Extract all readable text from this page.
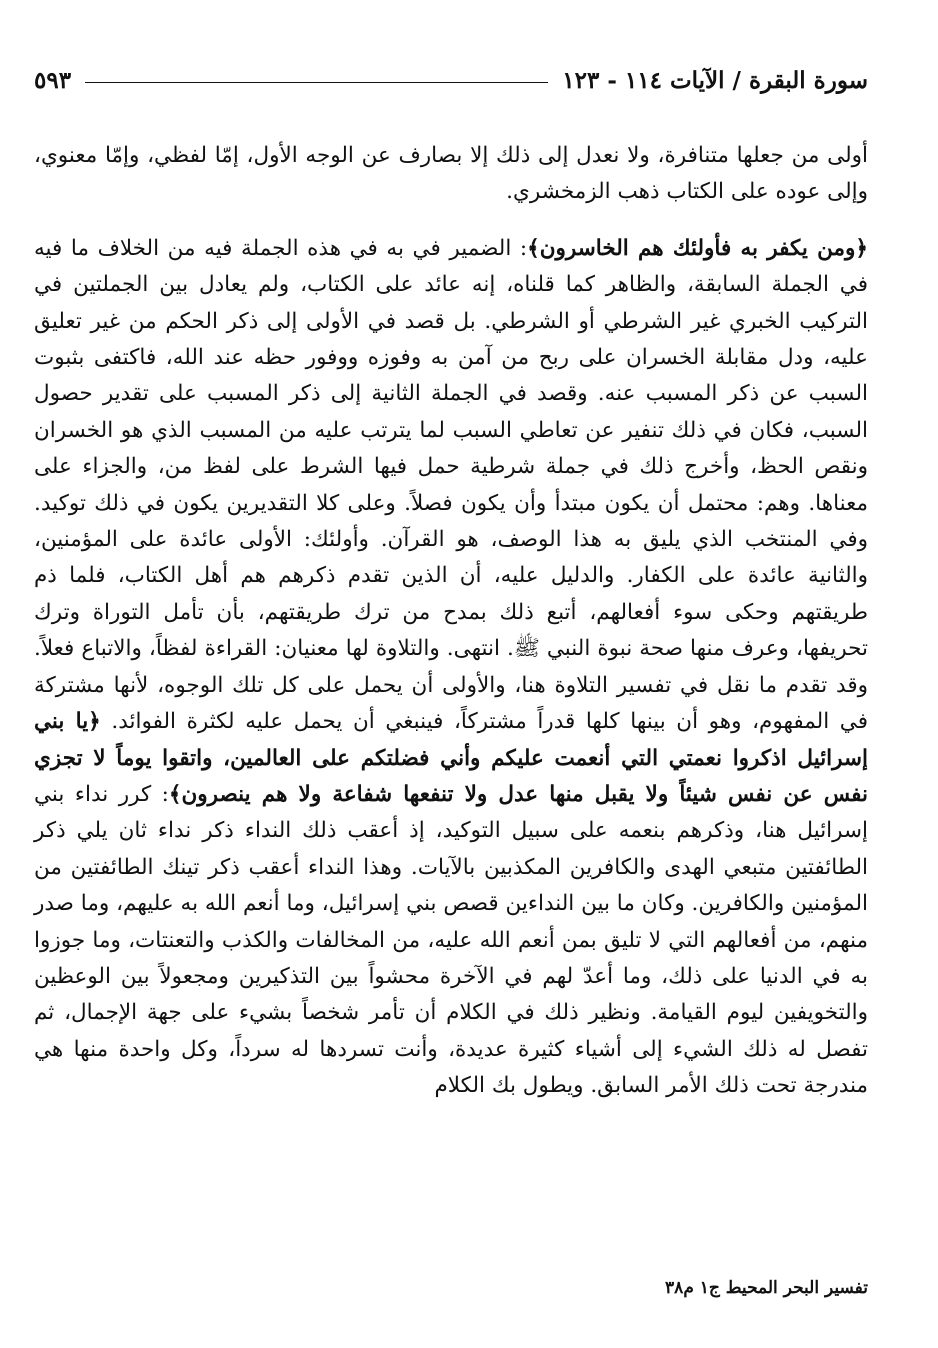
سورة البقرة / الآيات ١١٤ - ١٢٣
٥٩٣

أولى من جعلها متنافرة، ولا نعدل إلى ذلك إلا بصارف عن الوجه الأول، إمّا لفظي، وإمّا معنوي، وإلى عوده على الكتاب ذهب الزمخشري.

﴿ومن يكفر به فأولئك هم الخاسرون﴾: الضمير في به في هذه الجملة فيه من الخلاف ما فيه في الجملة السابقة، والظاهر كما قلناه، إنه عائد على الكتاب، ولم يعادل بين الجملتين في التركيب الخبري غير الشرطي أو الشرطي. بل قصد في الأولى إلى ذكر الحكم من غير تعليق عليه، ودل مقابلة الخسران على ربح من آمن به وفوزه ووفور حظه عند الله، فاكتفى بثبوت السبب عن ذكر المسبب عنه. وقصد في الجملة الثانية إلى ذكر المسبب على تقدير حصول السبب، فكان في ذلك تنفير عن تعاطي السبب لما يترتب عليه من المسبب الذي هو الخسران ونقص الحظ، وأخرج ذلك في جملة شرطية حمل فيها الشرط على لفظ من، والجزاء على معناها. وهم: محتمل أن يكون مبتدأ وأن يكون فصلاً. وعلى كلا التقديرين يكون في ذلك توكيد. وفي المنتخب الذي يليق به هذا الوصف، هو القرآن. وأولئك: الأولى عائدة على المؤمنين، والثانية عائدة على الكفار. والدليل عليه، أن الذين تقدم ذكرهم هم أهل الكتاب، فلما ذم طريقتهم وحكى سوء أفعالهم، أتبع ذلك بمدح من ترك طريقتهم، بأن تأمل التوراة وترك تحريفها، وعرف منها صحة نبوة النبي ﷺ. انتهى. والتلاوة لها معنيان: القراءة لفظاً، والاتباع فعلاً. وقد تقدم ما نقل في تفسير التلاوة هنا، والأولى أن يحمل على كل تلك الوجوه، لأنها مشتركة في المفهوم، وهو أن بينها كلها قدراً مشتركاً، فينبغي أن يحمل عليه لكثرة الفوائد. ﴿يا بني إسرائيل اذكروا نعمتي التي أنعمت عليكم وأني فضلتكم على العالمين، واتقوا يوماً لا تجزي نفس عن نفس شيئاً ولا يقبل منها عدل ولا تنفعها شفاعة ولا هم ينصرون﴾: كرر نداء بني إسرائيل هنا، وذكرهم بنعمه على سبيل التوكيد، إذ أعقب ذلك النداء ذكر نداء ثان يلي ذكر الطائفتين متبعي الهدى والكافرين المكذبين بالآيات. وهذا النداء أعقب ذكر تينك الطائفتين من المؤمنين والكافرين. وكان ما بين النداءين قصص بني إسرائيل، وما أنعم الله به عليهم، وما صدر منهم، من أفعالهم التي لا تليق بمن أنعم الله عليه، من المخالفات والكذب والتعنتات، وما جوزوا به في الدنيا على ذلك، وما أعدّ لهم في الآخرة محشواً بين التذكيرين ومجعولاً بين الوعظين والتخويفين ليوم القيامة. ونظير ذلك في الكلام أن تأمر شخصاً بشيء على جهة الإجمال، ثم تفصل له ذلك الشيء إلى أشياء كثيرة عديدة، وأنت تسردها له سرداً، وكل واحدة منها هي مندرجة تحت ذلك الأمر السابق. ويطول بك الكلام

تفسير البحر المحيط ج١ م٣٨
